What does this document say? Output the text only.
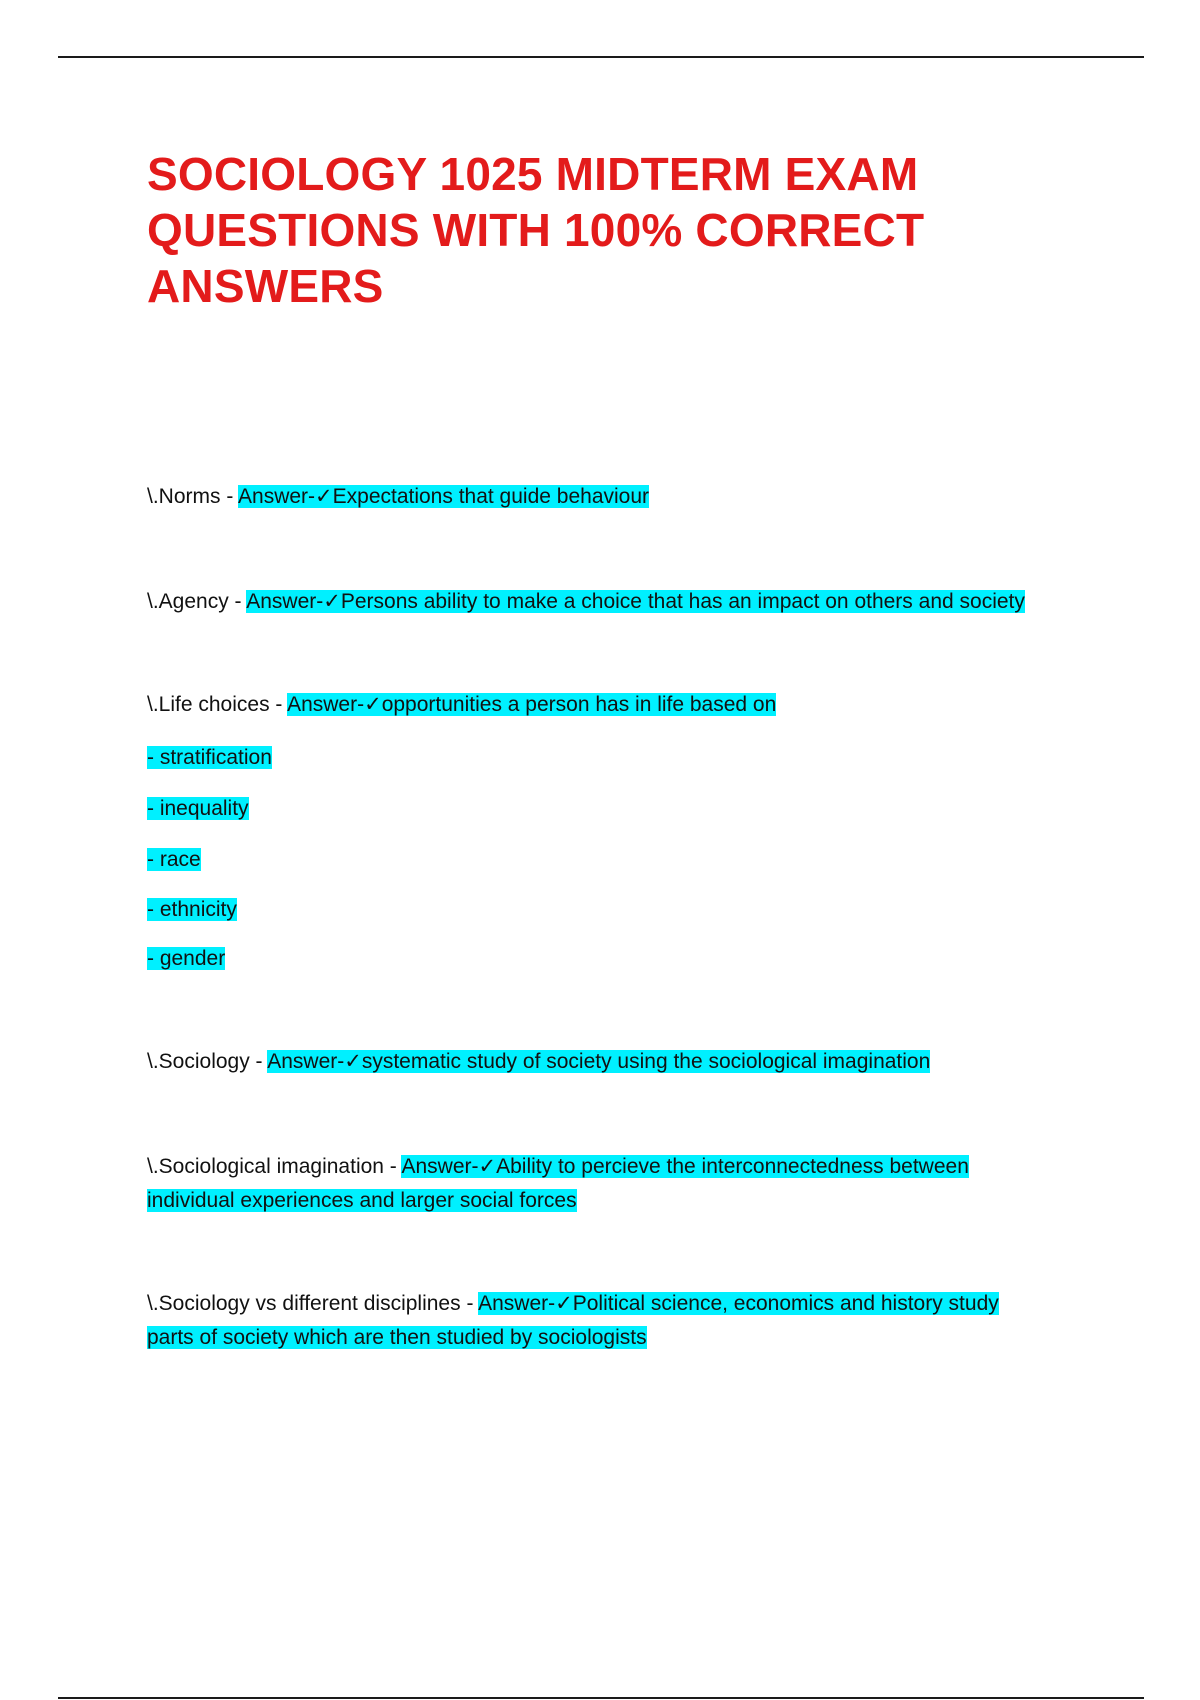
SOCIOLOGY 1025 MIDTERM EXAM QUESTIONS WITH 100% CORRECT ANSWERS
\.Norms - Answer-✓Expectations that guide behaviour
\.Agency - Answer-✓Persons ability to make a choice that has an impact on others and society
\.Life choices - Answer-✓opportunities a person has in life based on
- stratification
- inequality
- race
- ethnicity
- gender
\.Sociology - Answer-✓systematic study of society using the sociological imagination
\.Sociological imagination - Answer-✓Ability to percieve the interconnectedness between individual experiences and larger social forces
\.Sociology vs different disciplines - Answer-✓Political science, economics and history study parts of society which are then studied by sociologists
